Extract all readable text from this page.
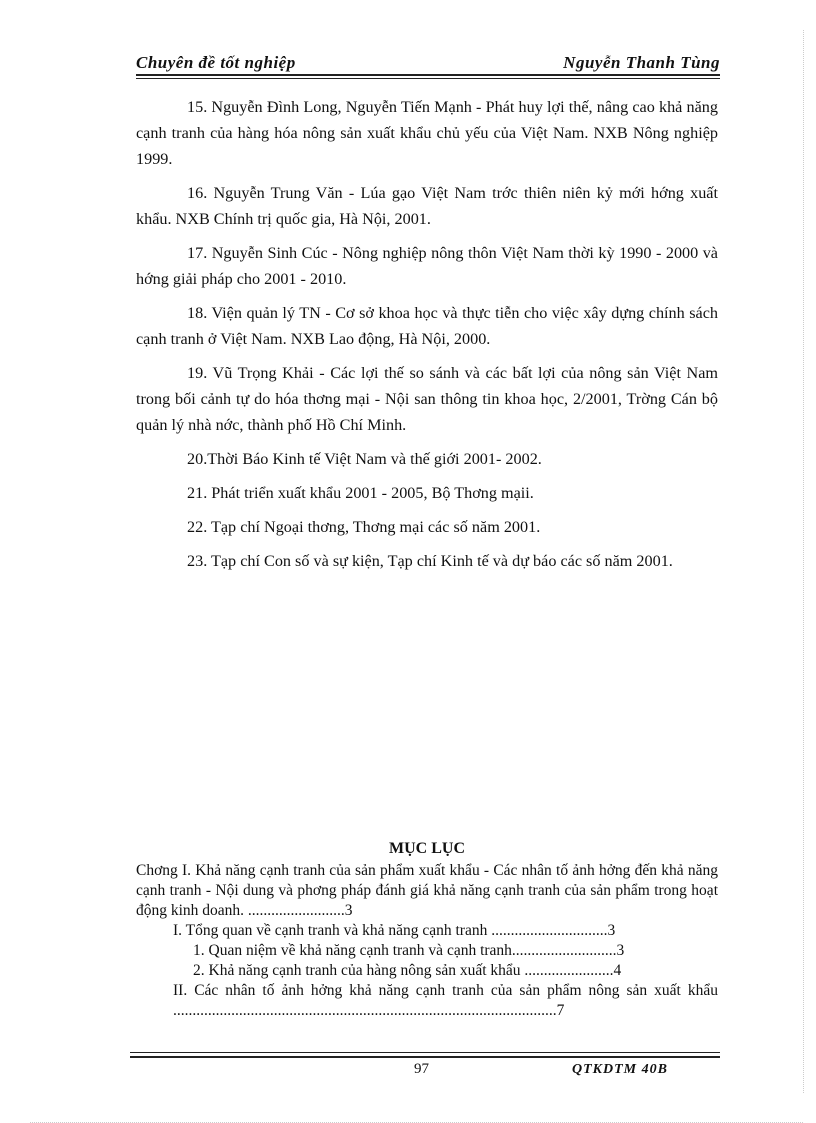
Chuyên đề tốt nghiệp	Nguyễn Thanh Tùng

15. Nguyễn Đình Long, Nguyễn Tiến Mạnh - Phát huy lợi thế, nâng cao khả năng cạnh tranh của hàng hóa nông sản xuất khẩu chủ yếu của Việt Nam. NXB Nông nghiệp 1999.

16. Nguyễn Trung Văn - Lúa gạo Việt Nam trớc thiên niên kỷ mới hớng xuất khẩu. NXB Chính trị quốc gia, Hà Nội, 2001.

17. Nguyễn Sinh Cúc - Nông nghiệp nông thôn Việt Nam thời kỳ 1990 - 2000 và hớng giải pháp cho 2001 - 2010.

18. Viện quản lý TN - Cơ sở khoa học và thực tiễn cho việc xây dựng chính sách cạnh tranh ở Việt Nam. NXB Lao động, Hà Nội, 2000.

19. Vũ Trọng Khải - Các lợi thế so sánh và các bất lợi của nông sản Việt Nam trong bối cảnh tự do hóa thơng mại - Nội san thông tin khoa học, 2/2001, Trờng Cán bộ quản lý nhà nớc, thành phố Hồ Chí Minh.

20.Thời Báo Kinh tế Việt Nam và thế giới 2001- 2002.

21. Phát triển xuất khẩu 2001 - 2005, Bộ Thơng mạii.

22. Tạp chí Ngoại thơng, Thơng mại các số năm 2001.

23. Tạp chí Con số và sự kiện, Tạp chí Kinh tế và dự báo các số năm 2001.

MỤC LỤC
Chơng I. Khả năng cạnh tranh của sản phẩm xuất khẩu - Các nhân tố ảnh hởng đến khả năng cạnh tranh - Nội dung và phơng pháp đánh giá khả năng cạnh tranh của sản phẩm trong hoạt động kinh doanh. .........................3
I. Tổng quan về cạnh tranh và khả năng cạnh tranh ..............................3
1. Quan niệm về khả năng cạnh tranh và cạnh tranh...........................3
2. Khả năng cạnh tranh của hàng nông sản xuất khẩu .......................4
II. Các nhân tố ảnh hởng khả năng cạnh tranh của sản phẩm nông sản xuất khẩu ...................................................................................................7
97	QTKDTM 40B
